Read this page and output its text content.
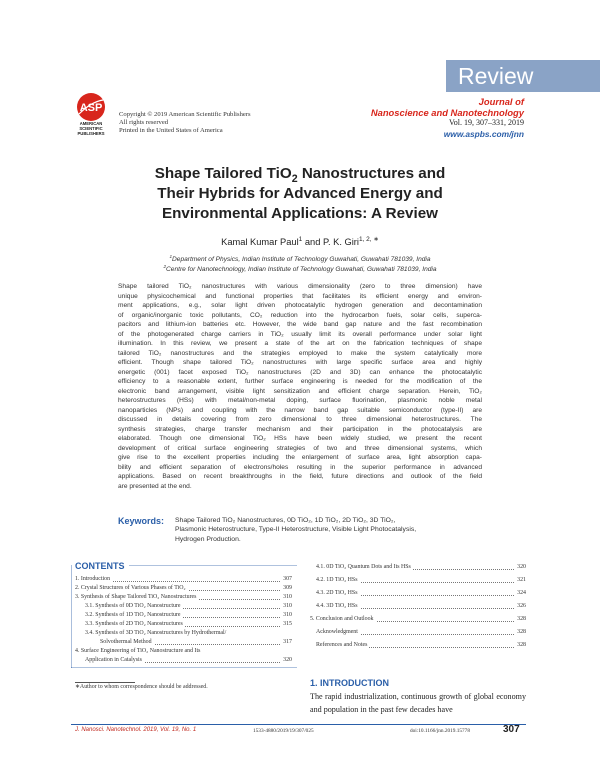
Review
ASP
AMERICAN
SCIENTIFIC
PUBLISHERS
Copyright © 2019 American Scientific Publishers
All rights reserved
Printed in the United States of America
Journal of
Nanoscience and Nanotechnology
Vol. 19, 307–331, 2019
www.aspbs.com/jnn
Shape Tailored TiO$_2$ Nanostructures and
Their Hybrids for Advanced Energy and
Environmental Applications: A Review
Kamal Kumar Paul$^1$ and P. K. Giri$^{1, 2, ∗}$
$^1$Department of Physics, Indian Institute of Technology Guwahati, Guwahati 781039, India
$^2$Centre for Nanotechnology, Indian Institute of Technology Guwahati, Guwahati 781039, India
Shape tailored TiO₂ nanostructures with various dimensionality (zero to three dimension) have
unique physicochemical and functional properties that facilitates its efficient energy and environ-
ment applications, e.g., solar light driven photocatalytic hydrogen generation and decontamination
of organic/inorganic toxic pollutants, CO₂ reduction into the hydrocarbon fuels, solar cells, superca-
pacitors and lithium-ion batteries etc. However, the wide band gap nature and the fast recombination
of the photogenerated charge carriers in TiO₂ usually limit its overall performance under solar light
illumination. In this review, we present a state of the art on the fabrication techniques of shape
tailored TiO₂ nanostructures and the strategies employed to make the system catalytically more
efficient. Though shape tailored TiO₂ nanostructures with large specific surface area and highly
energetic (001) facet exposed TiO₂ nanostructures (2D and 3D) can enhance the photocatalytic
efficiency to a reasonable extent, further surface engineering is needed for the modification of the
electronic band arrangement, visible light sensitization and efficient charge separation. Herein, TiO₂
heterostructures (HSs) with metal/non-metal doping, surface fluorination, plasmonic noble metal
nanoparticles (NPs) and coupling with the narrow band gap suitable semiconductor (type-II) are
discussed in details covering from zero dimensional to three dimensional heterostructures. The
synthesis strategies, charge transfer mechanism and their participation in the photocatalysis are
elaborated. Though one dimensional TiO₂ HSs have been widely studied, we present the recent
development of critical surface engineering strategies of two and three dimensional systems, which
give rise to the excellent properties including the enlargement of surface area, light absorption capa-
bility and efficient separation of electrons/holes resulting in the superior performance in advanced
applications. Based on recent breakthroughs in the field, future directions and outlook of the field
are presented at the end.
Keywords: Shape Tailored TiO₂ Nanostructures, 0D TiO₂, 1D TiO₂, 2D TiO₂, 3D TiO₂,
Plasmonic Heterostructure, Type-II Heterostructure, Visible Light Photocatalysis,
Hydrogen Production.
CONTENTS
1. Introduction	307
2. Crystal Structures of Various Phases of TiO₂	309
3. Synthesis of Shape Tailored TiO₂ Nanostructures	310
3.1. Synthesis of 0D TiO₂ Nanostructure	310
3.2. Synthesis of 1D TiO₂ Nanostructure	310
3.3. Synthesis of 2D TiO₂ Nanostructures	315
3.4. Synthesis of 3D TiO₂ Nanostructures by Hydrothermal/
Solvothermal Method	317
4. Surface Engineering of TiO₂ Nanostructure and Its
Application in Catalysis	320
4.1. 0D TiO₂ Quantum Dots and Its HSs	320
4.2. 1D TiO₂ HSs	321
4.3. 2D TiO₂ HSs	324
4.4. 3D TiO₂ HSs	326
5. Conclusion and Outlook	328
Acknowledgment	328
References and Notes	328
1. INTRODUCTION
The rapid industrialization, continuous growth of global economy and population in the past few decades have
∗Author to whom correspondence should be addressed.
J. Nanosci. Nanotechnol. 2019, Vol. 19, No. 1	1533-4880/2019/19/307/025	doi:10.1166/jnn.2019.15778	307
